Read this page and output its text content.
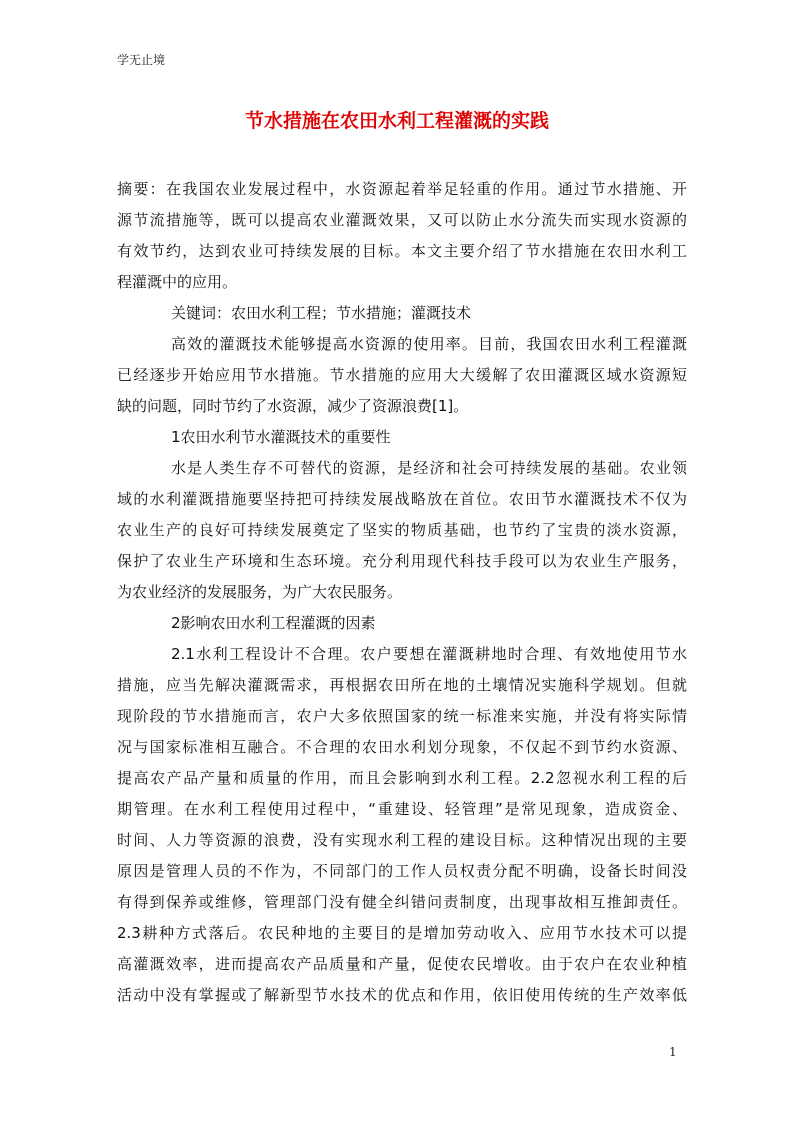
学无止境
节水措施在农田水利工程灌溉的实践
摘要：在我国农业发展过程中，水资源起着举足轻重的作用。通过节水措施、开
源节流措施等，既可以提高农业灌溉效果，又可以防止水分流失而实现水资源的
有效节约，达到农业可持续发展的目标。本文主要介绍了节水措施在农田水利工
程灌溉中的应用。
关键词：农田水利工程；节水措施；灌溉技术
高效的灌溉技术能够提高水资源的使用率。目前，我国农田水利工程灌溉
已经逐步开始应用节水措施。节水措施的应用大大缓解了农田灌溉区域水资源短
缺的问题，同时节约了水资源，减少了资源浪费[1]。
1农田水利节水灌溉技术的重要性
水是人类生存不可替代的资源，是经济和社会可持续发展的基础。农业领
域的水利灌溉措施要坚持把可持续发展战略放在首位。农田节水灌溉技术不仅为
农业生产的良好可持续发展奠定了坚实的物质基础，也节约了宝贵的淡水资源，
保护了农业生产环境和生态环境。充分利用现代科技手段可以为农业生产服务，
为农业经济的发展服务，为广大农民服务。
2影响农田水利工程灌溉的因素
2.1水利工程设计不合理。农户要想在灌溉耕地时合理、有效地使用节水
措施，应当先解决灌溉需求，再根据农田所在地的土壤情况实施科学规划。但就
现阶段的节水措施而言，农户大多依照国家的统一标准来实施，并没有将实际情
况与国家标准相互融合。不合理的农田水利划分现象，不仅起不到节约水资源、
提高农产品产量和质量的作用，而且会影响到水利工程。2.2忽视水利工程的后
期管理。在水利工程使用过程中，“重建设、轻管理”是常见现象，造成资金、
时间、人力等资源的浪费，没有实现水利工程的建设目标。这种情况出现的主要
原因是管理人员的不作为，不同部门的工作人员权责分配不明确，设备长时间没
有得到保养或维修，管理部门没有健全纠错问责制度，出现事故相互推卸责任。
2.3耕种方式落后。农民种地的主要目的是增加劳动收入、应用节水技术可以提
高灌溉效率，进而提高农产品质量和产量，促使农民增收。由于农户在农业种植
活动中没有掌握或了解新型节水技术的优点和作用，依旧使用传统的生产效率低
1
